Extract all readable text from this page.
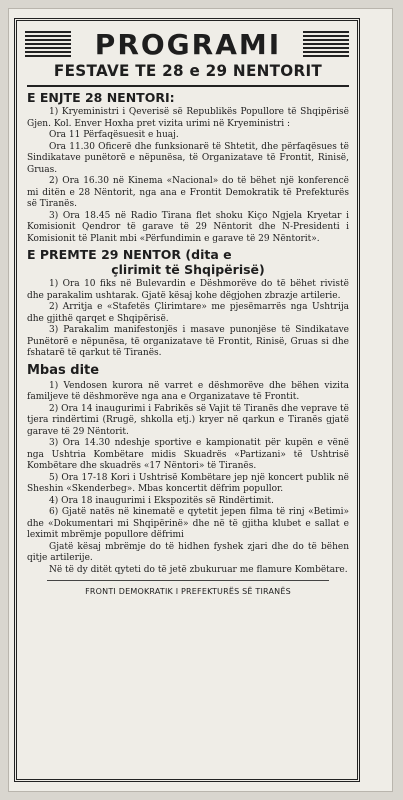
PROGRAMI
FESTAVE TE 28 e 29 NENTORIT
E ENJTE 28 NENTORI:

1) Kryeministri i Qeverisë së Republikës Popullore të Shqipërisë Gjen. Kol. Enver Hoxha pret vizita urimi në Kryeministri :

Ora 11 Përfaqësuesit e huaj.

Ora 11.30 Oficerë dhe funksionarë të Shtetit, dhe përfaqësues të Sindikatave punëtorë e nëpunësa, të Organizatave të Frontit, Rinisë, Gruas.

2) Ora 16.30 në Kinema «Nacional» do të bëhet një konferencë mi ditën e 28 Nëntorit, nga ana e Frontit Demokratik të Prefekturës së Tiranës.

3) Ora 18.45 në Radio Tirana flet shoku Kiço Ngjela Kryetar i Komisionit Qendror të garave të 29 Nëntorit dhe N-Presidenti i Komisionit të Planit mbi «Përfundimin e garave të 29 Nëntorit».

E PREMTE 29 NENTOR (dita e
çlirimit të Shqipërisë)

1) Ora 10 fiks në Bulevardin e Dëshmorëve do të bëhet rivistë dhe parakalim ushtarak. Gjatë kësaj kohe dëgjohen zbrazje artilerie.

2) Arritja e «Stafetës Çlirimtare» me pjesëmarrës nga Ushtrija dhe gjithë qarqet e Shqipërisë.

3) Parakalim manifestonjës i masave punonjëse të Sindikatave Punëtorë e nëpunësa, të organizatave të Frontit, Rinisë, Gruas si dhe fshatarë të qarkut të Tiranës.

Mbas dite

1) Vendosen kurora në varret e dëshmorëve dhe bëhen vizita familjeve të dëshmorëve nga ana e Organizatave të Frontit.

2) Ora 14 inaugurimi i Fabrikës së Vajit të Tiranës dhe veprave të tjera rindërtimi (Rrugë, shkolla etj.) kryer në qarkun e Tiranës gjatë garave të 29 Nëntorit.

3) Ora 14.30 ndeshje sportive e kampionatit për kupën e vënë nga Ushtria Kombëtare midis Skuadrës «Partizani» të Ushtrisë Kombëtare dhe skuadrës «17 Nëntori» të Tiranës.

5) Ora 17-18 Kori i Ushtrisë Kombëtare jep një koncert publik në Sheshin «Skenderbeg». Mbas koncertit dëfrim popullor.

4) Ora 18 inaugurimi i Ekspozitës së Rindërtimit.

6) Gjatë natës në kinematë e qytetit jepen filma të rinj «Betimi» dhe «Dokumentari mi Shqipërinë» dhe në të gjitha klubet e sallat e leximit mbrëmje popullore dëfrimi

Gjatë kësaj mbrëmje do të hidhen fyshek zjari dhe do të bëhen qitje artilerije.

Në të dy ditët qyteti do të jetë zbukuruar me flamure Kombëtare.

FRONTI DEMOKRATIK I PREFEKTURËS SË TIRANËS
